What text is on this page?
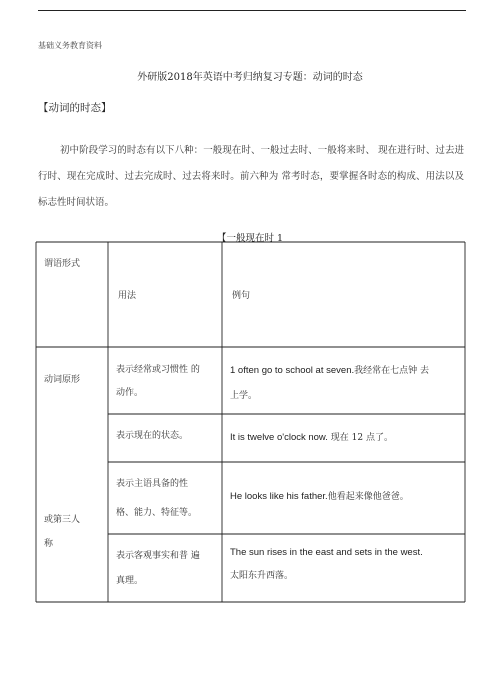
基础义务教育资料
外研版2018年英语中考归纳复习专题：动词的时态
【动词的时态】
初中阶段学习的时态有以下八种：一般现在时、一般过去时、一般将来时、 现在进行时、过去进行时、现在完成时、过去完成时、过去将来时。前六种为 常考时态，要掌握各时态的构成、用法以及标志性时间状语。
【一般现在时 1
谓语形式
用法	例句
动词原形
或第三人
称
表示经常或习惯性 的
动作。
1 often go to school at seven.我经常在七点钟 去
上学。
表示现在的状态。	It is twelve o'clock now. 现在 12 点了。
表示主语具备的性
格、能力、特征等。
He looks like his father.他看起来像他爸爸。
表示客观事实和普 遍
真理。
The sun rises in the east and sets in the west.
太阳东升西落。
